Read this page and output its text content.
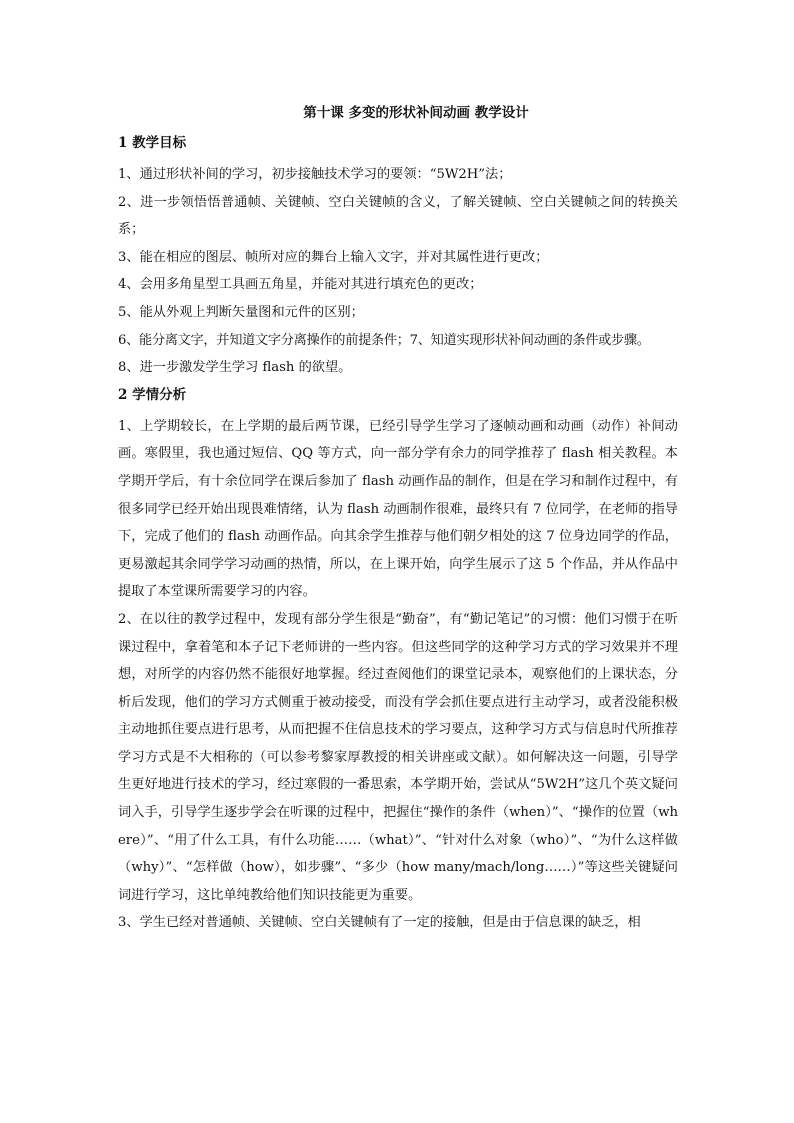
第十课 多变的形状补间动画 教学设计
1 教学目标

1、通过形状补间的学习，初步接触技术学习的要领：“5W2H”法；

2、进一步领悟悟普通帧、关键帧、空白关键帧的含义，了解关键帧、空白关键帧之间的转换关系；

3、能在相应的图层、帧所对应的舞台上输入文字，并对其属性进行更改；

4、会用多角星型工具画五角星，并能对其进行填充色的更改；

5、能从外观上判断矢量图和元件的区别；

6、能分离文字，并知道文字分离操作的前提条件；7、知道实现形状补间动画的条件或步骤。

8、进一步激发学生学习 flash 的欲望。

2 学情分析

1、上学期较长，在上学期的最后两节课，已经引导学生学习了逐帧动画和动画（动作）补间动画。寒假里，我也通过短信、QQ 等方式，向一部分学有余力的同学推荐了 flash 相关教程。本学期开学后，有十余位同学在课后参加了 flash 动画作品的制作，但是在学习和制作过程中，有很多同学已经开始出现畏难情绪，认为 flash 动画制作很难，最终只有 7 位同学，在老师的指导下，完成了他们的 flash 动画作品。向其余学生推荐与他们朝夕相处的这 7 位身边同学的作品，更易激起其余同学学习动画的热情，所以，在上课开始，向学生展示了这 5 个作品，并从作品中提取了本堂课所需要学习的内容。

2、在以往的教学过程中，发现有部分学生很是“勤奋”，有“勤记笔记”的习惯：他们习惯于在听课过程中，拿着笔和本子记下老师讲的一些内容。但这些同学的这种学习方式的学习效果并不理想，对所学的内容仍然不能很好地掌握。经过查阅他们的课堂记录本，观察他们的上课状态，分析后发现，他们的学习方式侧重于被动接受，而没有学会抓住要点进行主动学习，或者没能积极主动地抓住要点进行思考，从而把握不住信息技术的学习要点，这种学习方式与信息时代所推荐学习方式是不大相称的（可以参考黎家厚教授的相关讲座或文献）。如何解决这一问题，引导学生更好地进行技术的学习，经过寒假的一番思索，本学期开始，尝试从“5W2H”这几个英文疑问词入手，引导学生逐步学会在听课的过程中，把握住“操作的条件（when）”、“操作的位置（where）”、“用了什么工具，有什么功能……（what）”、“针对什么对象（who）”、“为什么这样做（why）”、“怎样做（how），如步骤”、“多少（how many/mach/long……）”等这些关键疑问词进行学习，这比单纯教给他们知识技能更为重要。

3、学生已经对普通帧、关键帧、空白关键帧有了一定的接触，但是由于信息课的缺乏，相
